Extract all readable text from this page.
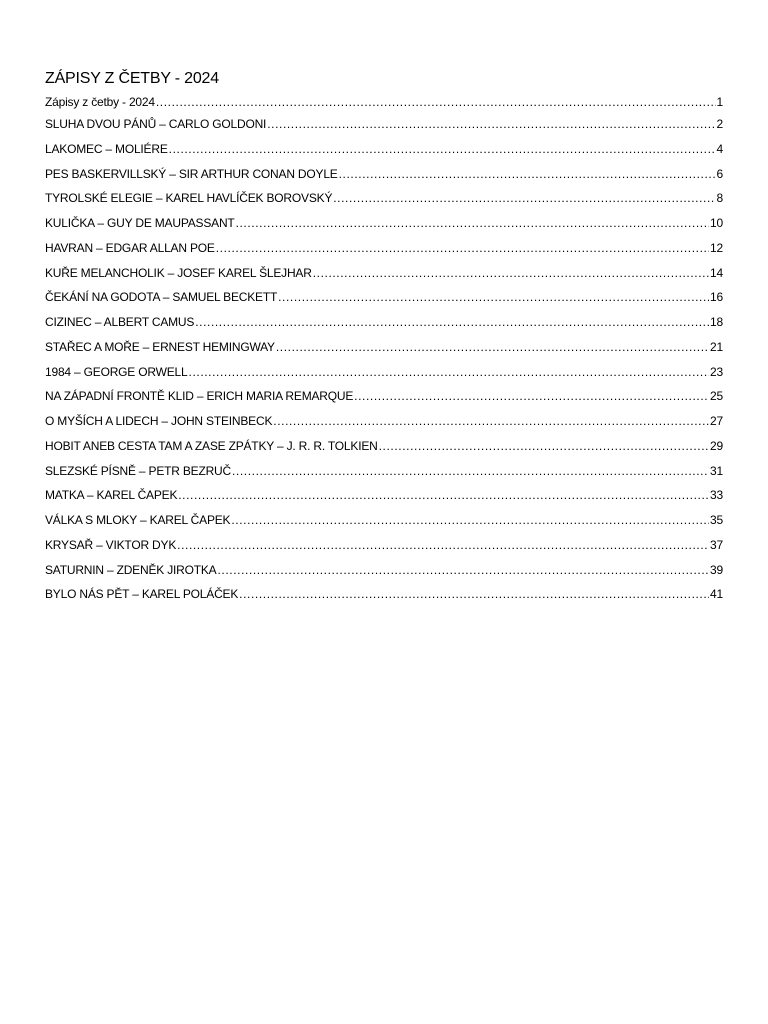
ZÁPISY Z ČETBY - 2024
Zápisy z četby - 2024 .....	1
SLUHA DVOU PÁNŮ – CARLO GOLDONI .....	2
LAKOMEC – MOLIÉRE .....	4
PES BASKERVILLSKÝ – SIR ARTHUR CONAN DOYLE .....	6
TYROLSKÉ ELEGIE – KAREL HAVLÍČEK BOROVSKÝ .....	8
KULIČKA – GUY DE MAUPASSANT .....	10
HAVRAN – EDGAR ALLAN POE .....	12
KUŘE MELANCHOLIK – JOSEF KAREL ŠLEJHAR .....	14
ČEKÁNÍ NA GODOTA – SAMUEL BECKETT .....	16
CIZINEC – ALBERT CAMUS .....	18
STAŘEC A MOŘE – ERNEST HEMINGWAY .....	21
1984 – GEORGE ORWELL .....	23
NA ZÁPADNÍ FRONTĚ KLID – ERICH MARIA REMARQUE .....	25
O MYŠÍCH A LIDECH – JOHN STEINBECK .....	27
HOBIT ANEB CESTA TAM A ZASE ZPÁTKY – J. R. R. TOLKIEN .....	29
SLEZSKÉ PÍSNĚ – PETR BEZRUČ .....	31
MATKA – KAREL ČAPEK .....	33
VÁLKA S MLOKY – KAREL ČAPEK .....	35
KRYSAŘ – VIKTOR DYK .....	37
SATURNIN – ZDENĚK JIROTKA .....	39
BYLO NÁS PĚT – KAREL POLÁČEK .....	41
